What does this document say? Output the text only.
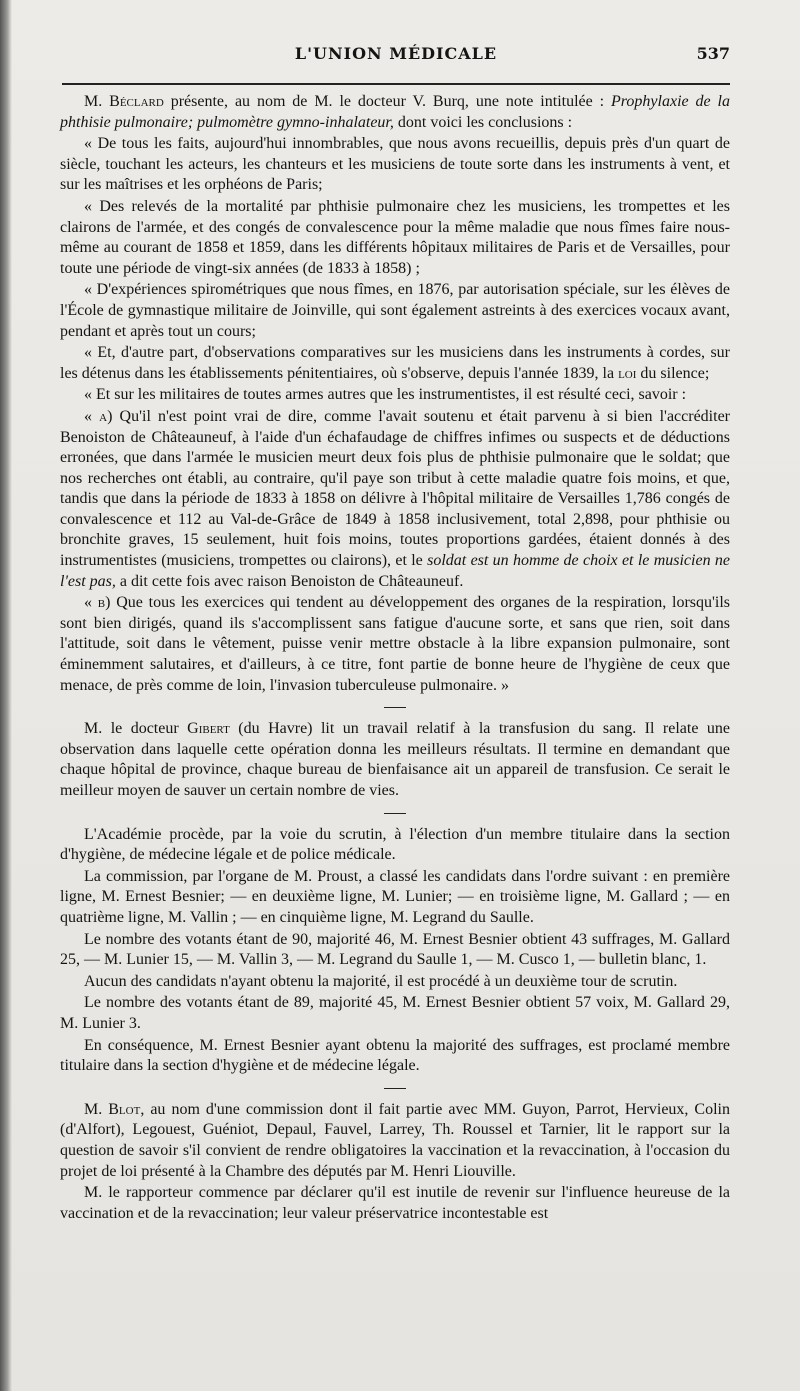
L'UNION MÉDICALE	537

M. Béclard présente, au nom de M. le docteur V. Burq, une note intitulée : Prophylaxie de la phthisie pulmonaire; pulmomètre gymno-inhalateur, dont voici les conclusions :

« De tous les faits, aujourd'hui innombrables, que nous avons recueillis, depuis près d'un quart de siècle, touchant les acteurs, les chanteurs et les musiciens de toute sorte dans les instruments à vent, et sur les maîtrises et les orphéons de Paris;

« Des relevés de la mortalité par phthisie pulmonaire chez les musiciens, les trompettes et les clairons de l'armée, et des congés de convalescence pour la même maladie que nous fîmes faire nous-même au courant de 1858 et 1859, dans les différents hôpitaux militaires de Paris et de Versailles, pour toute une période de vingt-six années (de 1833 à 1858) ;

« D'expériences spirométriques que nous fîmes, en 1876, par autorisation spéciale, sur les élèves de l'École de gymnastique militaire de Joinville, qui sont également astreints à des exercices vocaux avant, pendant et après tout un cours;

« Et, d'autre part, d'observations comparatives sur les musiciens dans les instruments à cordes, sur les détenus dans les établissements pénitentiaires, où s'observe, depuis l'année 1839, la loi du silence;

« Et sur les militaires de toutes armes autres que les instrumentistes, il est résulté ceci, savoir :

« a) Qu'il n'est point vrai de dire, comme l'avait soutenu et était parvenu à si bien l'accréditer Benoiston de Châteauneuf, à l'aide d'un échafaudage de chiffres infimes ou suspects et de déductions erronées, que dans l'armée le musicien meurt deux fois plus de phthisie pulmonaire que le soldat; que nos recherches ont établi, au contraire, qu'il paye son tribut à cette maladie quatre fois moins, et que, tandis que dans la période de 1833 à 1858 on délivre à l'hôpital militaire de Versailles 1,786 congés de convalescence et 112 au Val-de-Grâce de 1849 à 1858 inclusivement, total 2,898, pour phthisie ou bronchite graves, 15 seulement, huit fois moins, toutes proportions gardées, étaient donnés à des instrumentistes (musiciens, trompettes ou clairons), et le soldat est un homme de choix et le musicien ne l'est pas, a dit cette fois avec raison Benoiston de Châteauneuf.

« b) Que tous les exercices qui tendent au développement des organes de la respiration, lorsqu'ils sont bien dirigés, quand ils s'accomplissent sans fatigue d'aucune sorte, et sans que rien, soit dans l'attitude, soit dans le vêtement, puisse venir mettre obstacle à la libre expansion pulmonaire, sont éminemment salutaires, et d'ailleurs, à ce titre, font partie de bonne heure de l'hygiène de ceux que menace, de près comme de loin, l'invasion tuberculeuse pulmonaire. »

M. le docteur Gibert (du Havre) lit un travail relatif à la transfusion du sang. Il relate une observation dans laquelle cette opération donna les meilleurs résultats. Il termine en demandant que chaque hôpital de province, chaque bureau de bienfaisance ait un appareil de transfusion. Ce serait le meilleur moyen de sauver un certain nombre de vies.

L'Académie procède, par la voie du scrutin, à l'élection d'un membre titulaire dans la section d'hygiène, de médecine légale et de police médicale.

La commission, par l'organe de M. Proust, a classé les candidats dans l'ordre suivant : en première ligne, M. Ernest Besnier; — en deuxième ligne, M. Lunier; — en troisième ligne, M. Gallard ; — en quatrième ligne, M. Vallin ; — en cinquième ligne, M. Legrand du Saulle.

Le nombre des votants étant de 90, majorité 46, M. Ernest Besnier obtient 43 suffrages, M. Gallard 25, — M. Lunier 15, — M. Vallin 3, — M. Legrand du Saulle 1, — M. Cusco 1, — bulletin blanc, 1.

Aucun des candidats n'ayant obtenu la majorité, il est procédé à un deuxième tour de scrutin.

Le nombre des votants étant de 89, majorité 45, M. Ernest Besnier obtient 57 voix, M. Gallard 29, M. Lunier 3.

En conséquence, M. Ernest Besnier ayant obtenu la majorité des suffrages, est proclamé membre titulaire dans la section d'hygiène et de médecine légale.

M. Blot, au nom d'une commission dont il fait partie avec MM. Guyon, Parrot, Hervieux, Colin (d'Alfort), Legouest, Guéniot, Depaul, Fauvel, Larrey, Th. Roussel et Tarnier, lit le rapport sur la question de savoir s'il convient de rendre obligatoires la vaccination et la revaccination, à l'occasion du projet de loi présenté à la Chambre des députés par M. Henri Liouville.

M. le rapporteur commence par déclarer qu'il est inutile de revenir sur l'influence heureuse de la vaccination et de la revaccination; leur valeur préservatrice incontestable est
